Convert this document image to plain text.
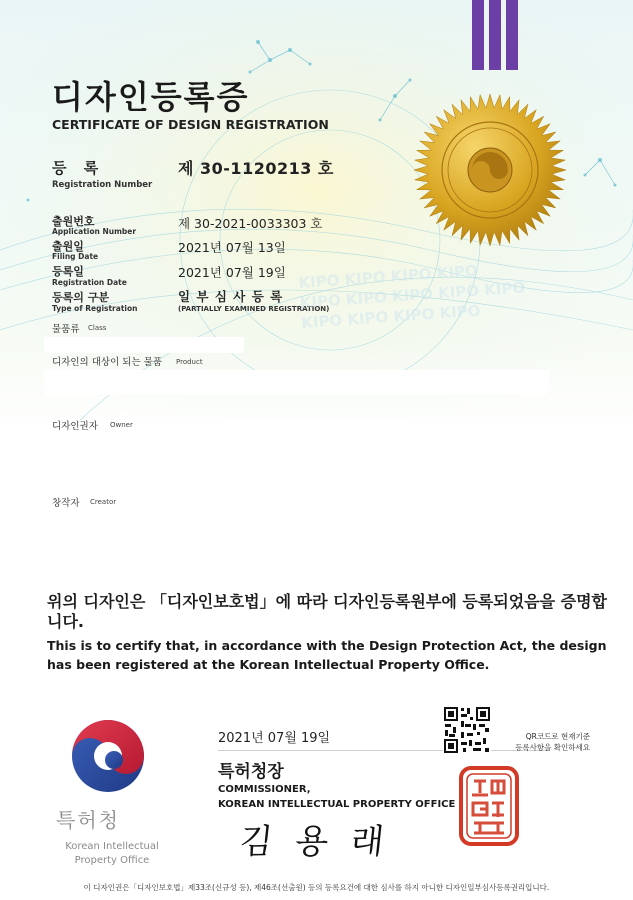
디자인등록증
CERTIFICATE OF DESIGN REGISTRATION
등 록
Registration Number
제 30-1120213 호
출원번호
Application Number
제 30-2021-0033303 호
출원일
Filing Date
2021년 07월 13일
등록일
Registration Date
2021년 07월 19일
등록의 구분
Type of Registration
일 부 심 사 등 록
(PARTIALLY EXAMINED REGISTRATION)
KIPO KIPO KIPO KIPO
KIPO KIPO KIPO KIPO KIPO
KIPO KIPO KIPO KIPO
물품류 Class
디자인의 대상이 되는 물품 Product
디자인권자 Owner
창작자 Creator
위의 디자인은 「디자인보호법」에 따라 디자인등록원부에 등록되었음을 증명합니다.
This is to certify that, in accordance with the Design Protection Act, the design has been registered at the Korean Intellectual Property Office.
2021년 07월 19일	QR코드로 현재기준
등록사항을 확인하세요
특허청장
COMMISSIONER,
KOREAN INTELLECTUAL PROPERTY OFFICE
김 용 래
특허청
Korean Intellectual
Property Office
이 디자인권은「디자인보호법」제33조(신규성 등), 제46조(선출원) 등의 등록요건에 대한 심사를 하지 아니한 디자인일부심사등록권리입니다.
